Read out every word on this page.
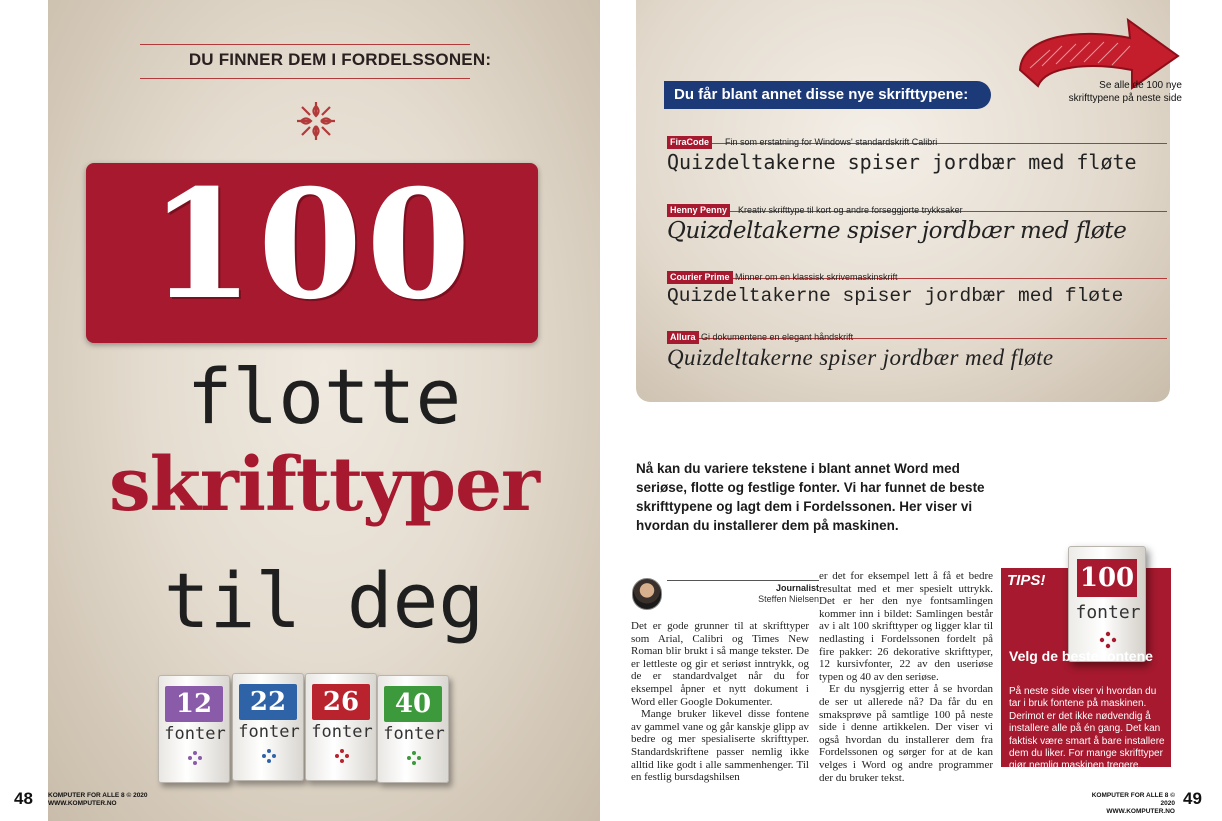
DU FINNER DEM I FORDELSSONEN:
100
flotte
skrifttyper
til deg
12
fonter
22
fonter
26
fonter
40
fonter
48 KOMPUTER FOR ALLE 8 © 2020
WWW.KOMPUTER.NO
Du får blant annet disse nye skrifttypene:
Se alle de 100 nye skrifttypene på neste side
FiraCode	Fin som erstatning for Windows' standardskrift Calibri
Quizdeltakerne spiser jordbær med fløte
Henny Penny	Kreativ skrifttype til kort og andre forseggjorte trykksaker
Quizdeltakerne spiser jordbær med fløte
Courier Prime Minner om en klassisk skrivemaskinskrift
Quizdeltakerne spiser jordbær med fløte
Allura Gi dokumentene en elegant håndskrift
Quizdeltakerne spiser jordbær med fløte
Nå kan du variere tekstene i blant annet Word med seriøse, flotte og festlige fonter. Vi har funnet de beste skrifttypene og lagt dem i Fordelssonen. Her viser vi hvordan du installerer dem på maskinen.
Journalist
Steffen Nielsen

Det er gode grunner til at skrifttyper som Arial, Calibri og Times New Roman blir brukt i så mange tekster. De er lettleste og gir et seriøst inntrykk, og de er standardvalget når du for eksempel åpner et nytt dokument i Word eller Google Dokumenter.

Mange bruker likevel disse fontene av gammel vane og går kanskje glipp av bedre og mer spesialiserte skrifttyper. Standardskriftene passer nemlig ikke alltid like godt i alle sammenhenger. Til en festlig bursdagshilsen

er det for eksempel lett å få et bedre resultat med et mer spesielt uttrykk. Det er her den nye fontsamlingen kommer inn i bildet: Samlingen består av i alt 100 skrifttyper og ligger klar til nedlasting i Fordelssonen fordelt på fire pakker: 26 dekorative skrifttyper, 12 kursivfonter, 22 av den useriøse typen og 40 av den seriøse.

Er du nysgjerrig etter å se hvordan de ser ut allerede nå? Da får du en smaksprøve på samtlige 100 på neste side i denne artikkelen. Der viser vi også hvordan du installerer dem fra Fordelssonen og sørger for at de kan velges i Word og andre programmer der du bruker tekst.

TIPS! 100
fonter
Velg de beste fontene
På neste side viser vi hvordan du tar i bruk fontene på maskinen. Derimot er det ikke nødvendig å installere alle på én gang. Det kan faktisk være smart å bare installere dem du liker. For mange skrifttyper gjør nemlig maskinen tregere.
KOMPUTER FOR ALLE 8 © 2020
WWW.KOMPUTER.NO
49
